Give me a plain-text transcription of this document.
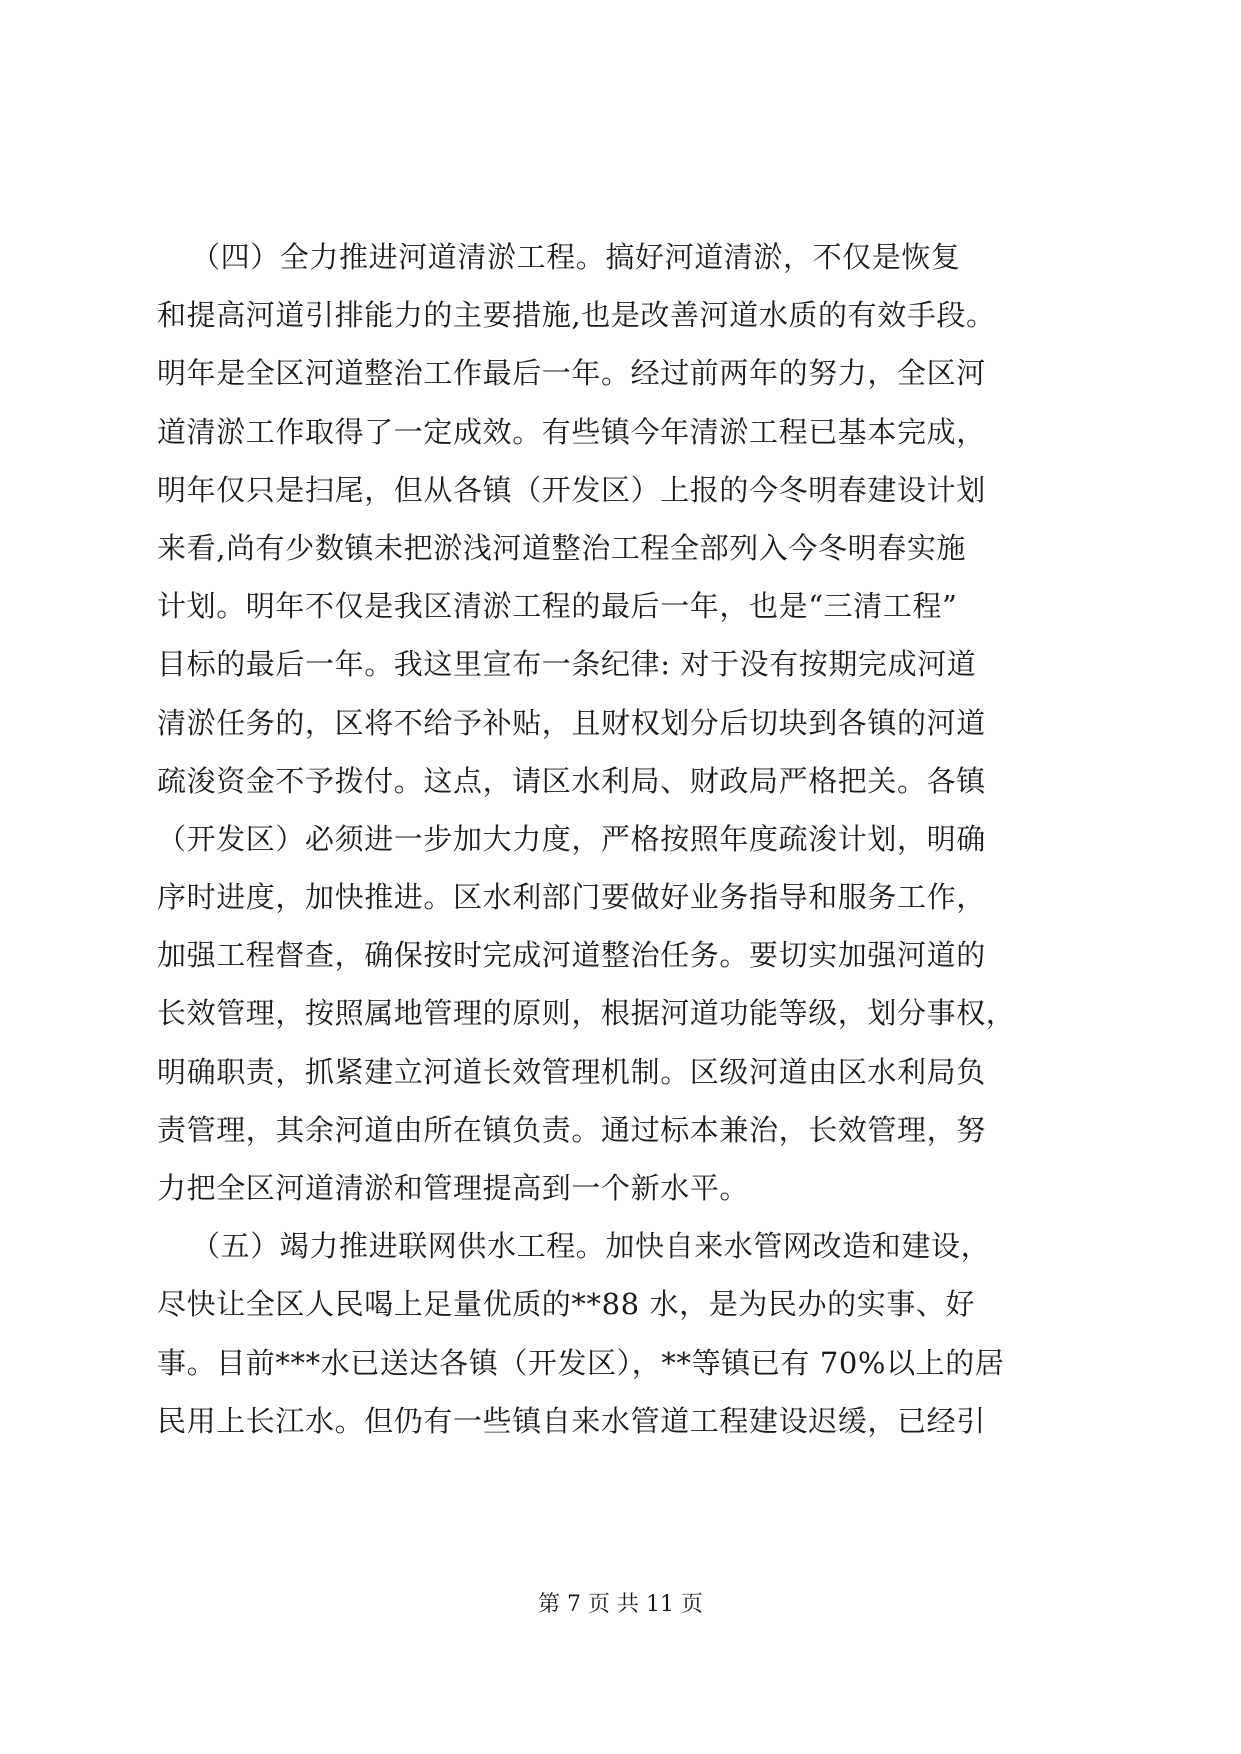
（四）全力推进河道清淤工程。搞好河道清淤，不仅是恢复
和提高河道引排能力的主要措施,也是改善河道水质的有效手段。
明年是全区河道整治工作最后一年。经过前两年的努力，全区河
道清淤工作取得了一定成效。有些镇今年清淤工程已基本完成，
明年仅只是扫尾，但从各镇（开发区）上报的今冬明春建设计划
来看,尚有少数镇未把淤浅河道整治工程全部列入今冬明春实施
计划。明年不仅是我区清淤工程的最后一年，也是“三清工程”
目标的最后一年。我这里宣布一条纪律: 对于没有按期完成河道
清淤任务的，区将不给予补贴，且财权划分后切块到各镇的河道
疏浚资金不予拨付。这点，请区水利局、财政局严格把关。各镇
（开发区）必须进一步加大力度，严格按照年度疏浚计划，明确
序时进度，加快推进。区水利部门要做好业务指导和服务工作，
加强工程督查，确保按时完成河道整治任务。要切实加强河道的
长效管理，按照属地管理的原则，根据河道功能等级，划分事权，
明确职责，抓紧建立河道长效管理机制。区级河道由区水利局负
责管理，其余河道由所在镇负责。通过标本兼治，长效管理，努
力把全区河道清淤和管理提高到一个新水平。
（五）竭力推进联网供水工程。加快自来水管网改造和建设，
尽快让全区人民喝上足量优质的**88 水，是为民办的实事、好
事。目前***水已送达各镇（开发区），**等镇已有 70%以上的居
民用上长江水。但仍有一些镇自来水管道工程建设迟缓，已经引
第 7 页 共 11 页
